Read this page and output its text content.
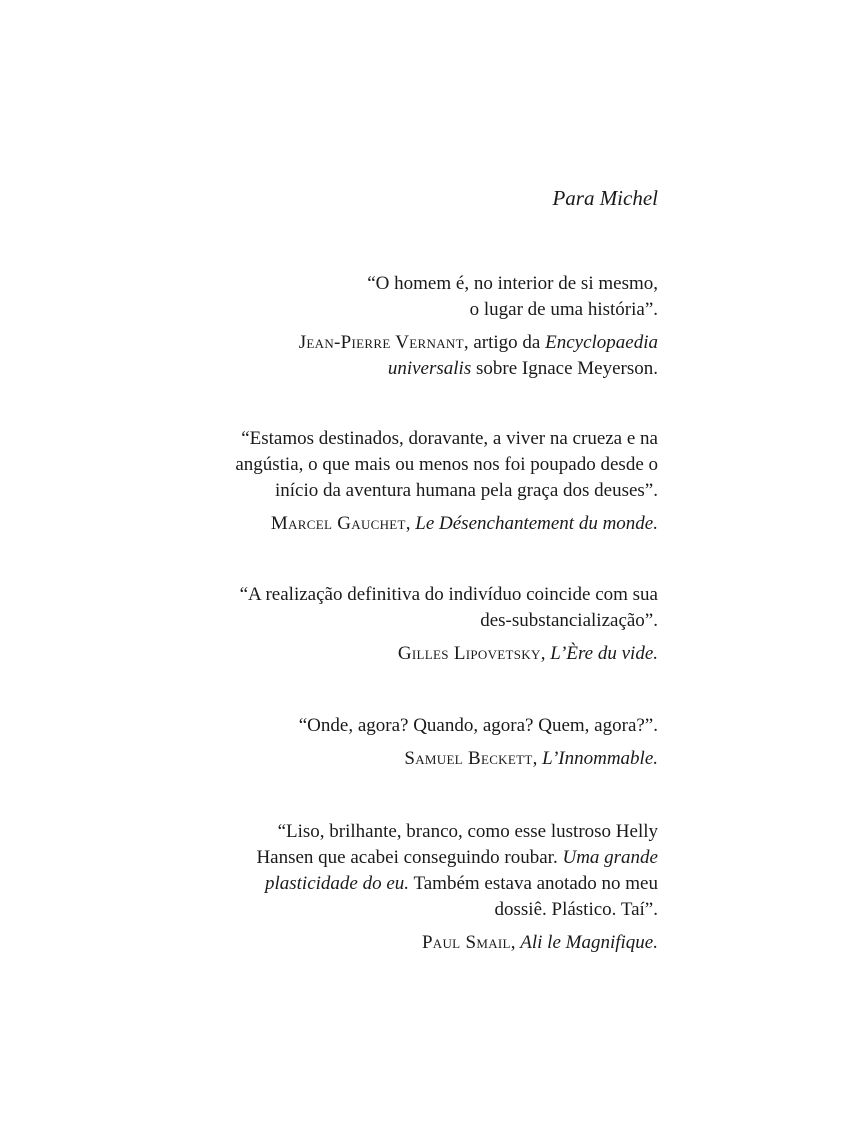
Para Michel
“O homem é, no interior de si mesmo,
o lugar de uma história”.
Jean-Pierre Vernant, artigo da Encyclopaedia
universalis sobre Ignace Meyerson.
“Estamos destinados, doravante, a viver na crueza e na
angústia, o que mais ou menos nos foi poupado desde o
início da aventura humana pela graça dos deuses”.
Marcel Gauchet, Le Désenchantement du monde.
“A realização definitiva do indivíduo coincide com sua
des-substancialização”.
Gilles Lipovetsky, L’Ère du vide.
“Onde, agora? Quando, agora? Quem, agora?”.
Samuel Beckett, L’Innommable.
“Liso, brilhante, branco, como esse lustroso Helly
Hansen que acabei conseguindo roubar. Uma grande
plasticidade do eu. Também estava anotado no meu
dossiê. Plástico. Taí”.
Paul Smail, Ali le Magnifique.
